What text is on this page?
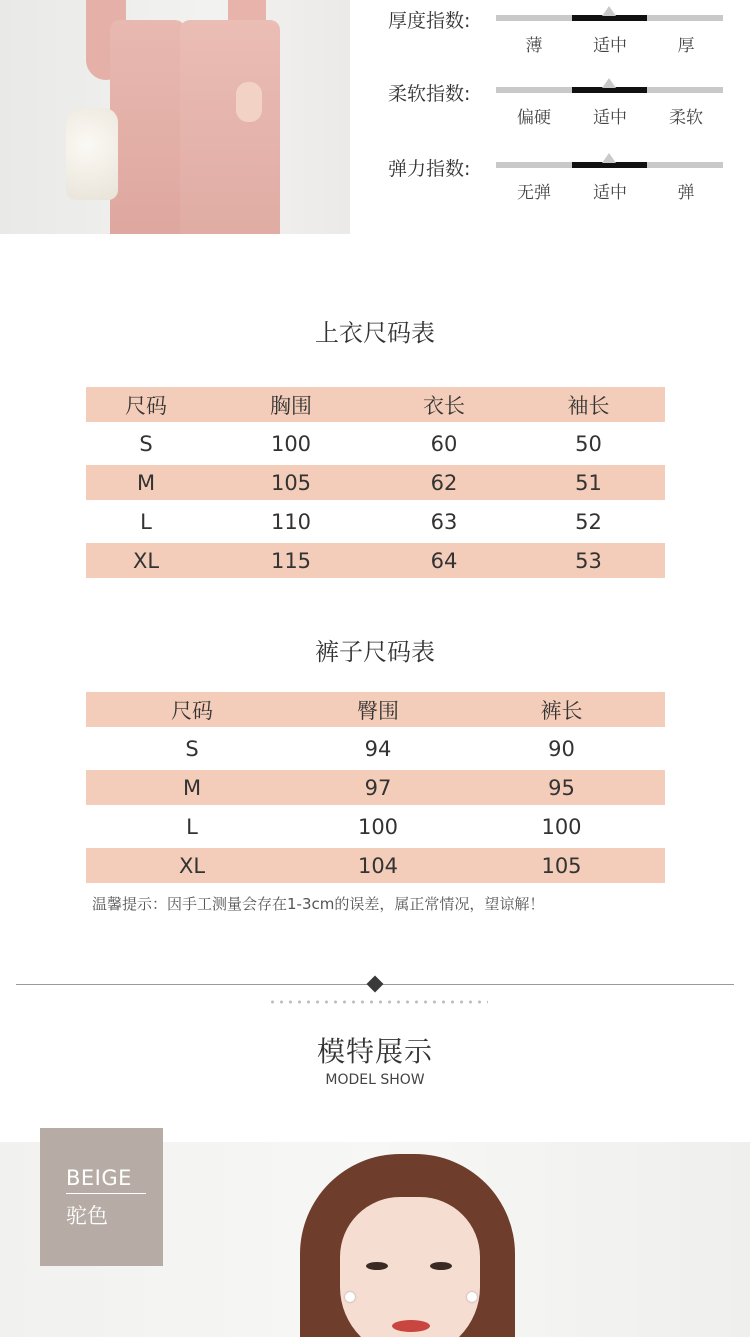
厚度指数:
薄	适中	厚
柔软指数:
偏硬	适中	柔软
弹力指数:
无弹	适中	弹
上衣尺码表
尺码	胸围	衣长	袖长
S	100	60	50
M	105	62	51
L	110	63	52
XL	115	64	53
裤子尺码表
尺码	臀围	裤长
S	94	90
M	97	95
L	100	100
XL	104	105
温馨提示：因手工测量会存在1-3cm的误差，属正常情况，望谅解！
模特展示
MODEL SHOW
BEIGE
驼色
